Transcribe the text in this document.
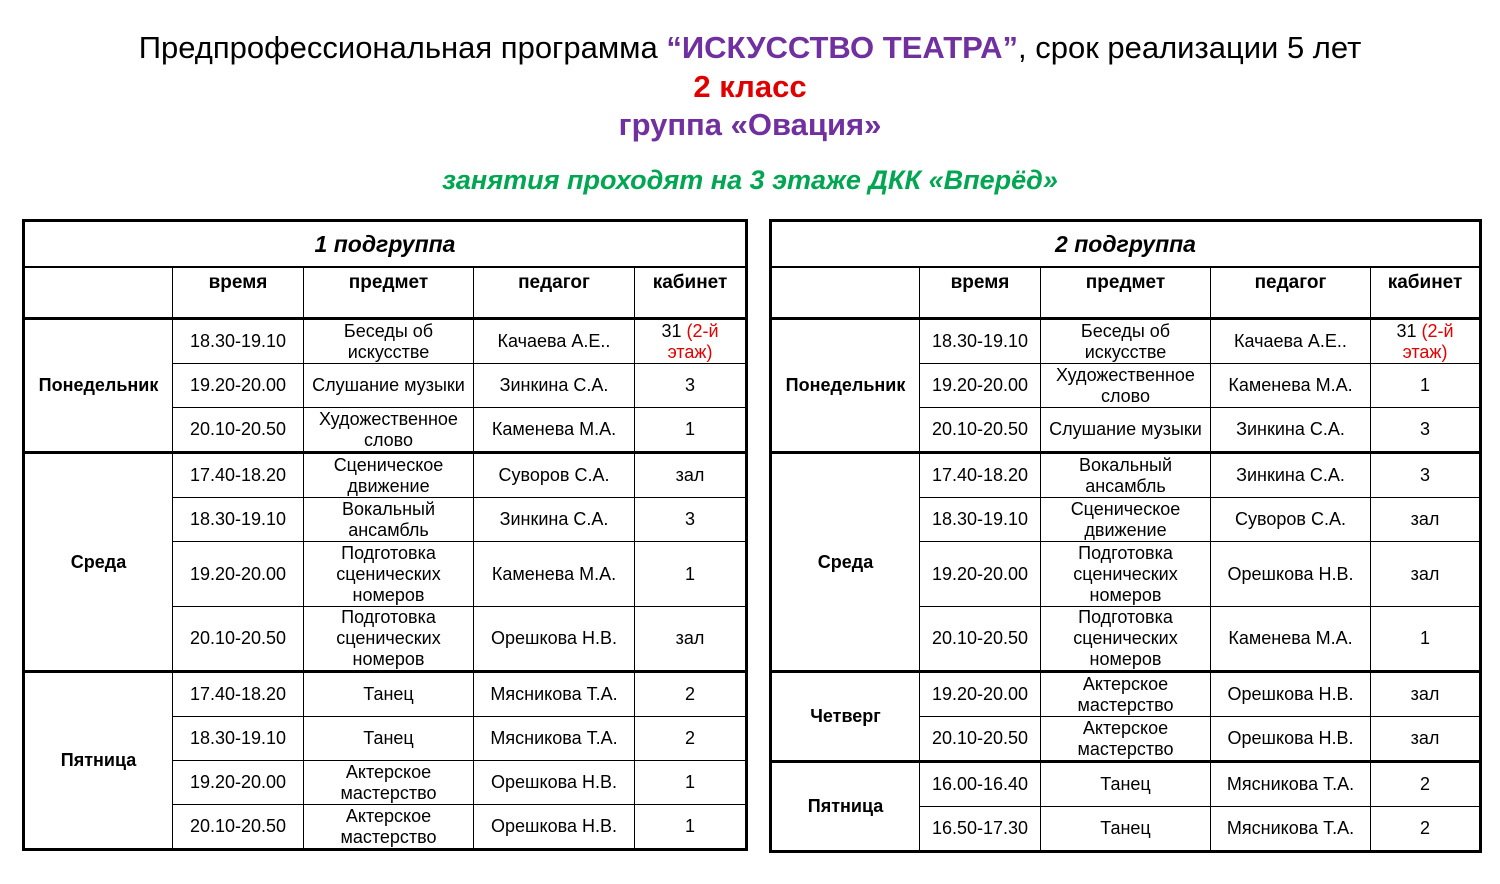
Предпрофессиональная программа “ИСКУССТВО ТЕАТРА”, срок реализации 5 лет
2 класс
группа «Овация»
занятия проходят на 3 этаже ДКК «Вперёд»
1 подгруппа				
	время	предмет	педагог	кабинет
Понедельник	18.30-19.10	Беседы об искусстве	Качаева А.Е..	31 (2-й этаж)
	19.20-20.00	Слушание музыки	Зинкина С.А.	3
	20.10-20.50	Художественное слово	Каменева М.А.	1
Среда	17.40-18.20	Сценическое движение	Суворов С.А.	зал
	18.30-19.10	Вокальный ансамбль	Зинкина С.А.	3
	19.20-20.00	Подготовка сценических номеров	Каменева М.А.	1
	20.10-20.50	Подготовка сценических номеров	Орешкова Н.В.	зал
Пятница	17.40-18.20	Танец	Мясникова Т.А.	2
	18.30-19.10	Танец	Мясникова Т.А.	2
	19.20-20.00	Актерское мастерство	Орешкова Н.В.	1
	20.10-20.50	Актерское мастерство	Орешкова Н.В.	1
2 подгруппа				
	время	предмет	педагог	кабинет
Понедельник	18.30-19.10	Беседы об искусстве	Качаева А.Е..	31 (2-й этаж)
	19.20-20.00	Художественное слово	Каменева М.А.	1
	20.10-20.50	Слушание музыки	Зинкина С.А.	3
Среда	17.40-18.20	Вокальный ансамбль	Зинкина С.А.	3
	18.30-19.10	Сценическое движение	Суворов С.А.	зал
	19.20-20.00	Подготовка сценических номеров	Орешкова Н.В.	зал
	20.10-20.50	Подготовка сценических номеров	Каменева М.А.	1
Четверг	19.20-20.00	Актерское мастерство	Орешкова Н.В.	зал
	20.10-20.50	Актерское мастерство	Орешкова Н.В.	зал
Пятница	16.00-16.40	Танец	Мясникова Т.А.	2
	16.50-17.30	Танец	Мясникова Т.А.	2
